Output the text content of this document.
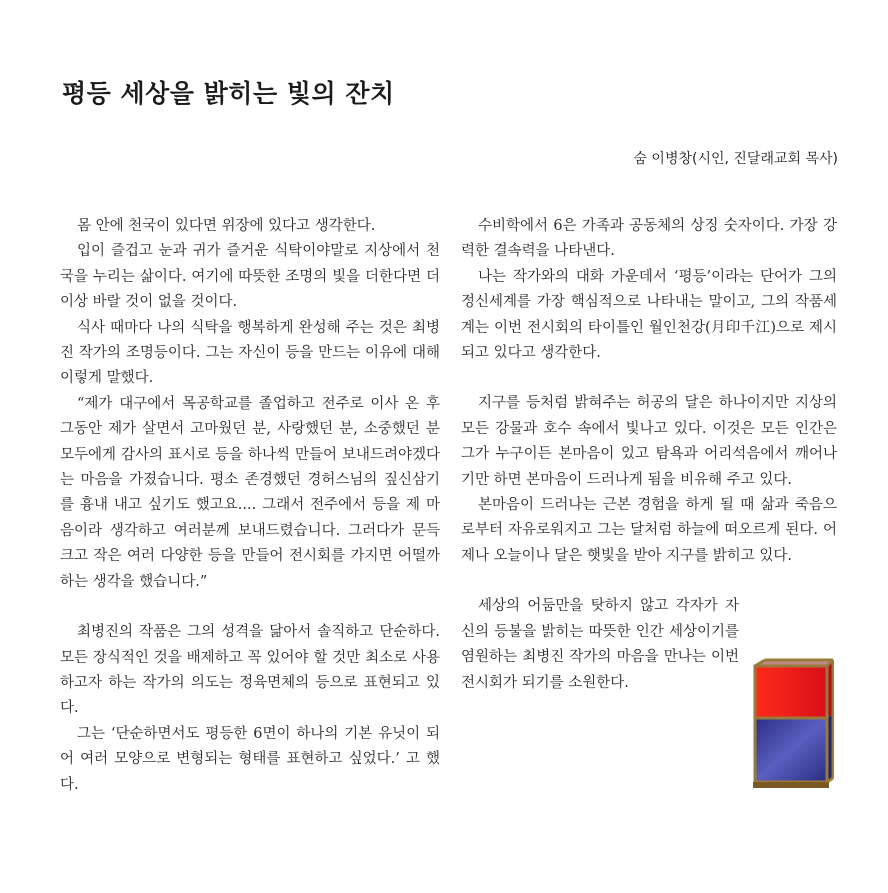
평등 세상을 밝히는 빛의 잔치
숨 이병창(시인, 진달래교회 목사)

몸 안에 천국이 있다면 위장에 있다고 생각한다.

입이 즐겁고 눈과 귀가 즐거운 식탁이야말로 지상에서 천국을 누리는 삶이다. 여기에 따뜻한 조명의 빛을 더한다면 더 이상 바랄 것이 없을 것이다.

식사 때마다 나의 식탁을 행복하게 완성해 주는 것은 최병진 작가의 조명등이다. 그는 자신이 등을 만드는 이유에 대해 이렇게 말했다.

“제가 대구에서 목공학교를 졸업하고 전주로 이사 온 후 그동안 제가 살면서 고마웠던 분, 사랑했던 분, 소중했던 분 모두에게 감사의 표시로 등을 하나씩 만들어 보내드려야겠다는 마음을 가졌습니다. 평소 존경했던 경허스님의 짚신삼기를 흉내 내고 싶기도 했고요.... 그래서 전주에서 등을 제 마음이라 생각하고 여러분께 보내드렸습니다. 그러다가 문득 크고 작은 여러 다양한 등을 만들어 전시회를 가지면 어떨까 하는 생각을 했습니다.”

최병진의 작품은 그의 성격을 닮아서 솔직하고 단순하다. 모든 장식적인 것을 배제하고 꼭 있어야 할 것만 최소로 사용하고자 하는 작가의 의도는 정육면체의 등으로 표현되고 있다.

그는 ‘단순하면서도 평등한 6면이 하나의 기본 유닛이 되어 여러 모양으로 변형되는 형태를 표현하고 싶었다.’ 고 했다.

수비학에서 6은 가족과 공동체의 상징 숫자이다. 가장 강력한 결속력을 나타낸다.

나는 작가와의 대화 가운데서 ‘평등’이라는 단어가 그의 정신세계를 가장 핵심적으로 나타내는 말이고, 그의 작품세계는 이번 전시회의 타이틀인 월인천강(月印千江)으로 제시되고 있다고 생각한다.

지구를 등처럼 밝혀주는 허공의 달은 하나이지만 지상의 모든 강물과 호수 속에서 빛나고 있다. 이것은 모든 인간은 그가 누구이든 본마음이 있고 탐욕과 어리석음에서 깨어나기만 하면 본마음이 드러나게 됨을 비유해 주고 있다.

본마음이 드러나는 근본 경험을 하게 될 때 삶과 죽음으로부터 자유로워지고 그는 달처럼 하늘에 떠오르게 된다. 어제나 오늘이나 달은 햇빛을 받아 지구를 밝히고 있다.

세상의 어둠만을 탓하지 않고 각자가 자신의 등불을 밝히는 따뜻한 인간 세상이기를 염원하는 최병진 작가의 마음을 만나는 이번 전시회가 되기를 소원한다.
